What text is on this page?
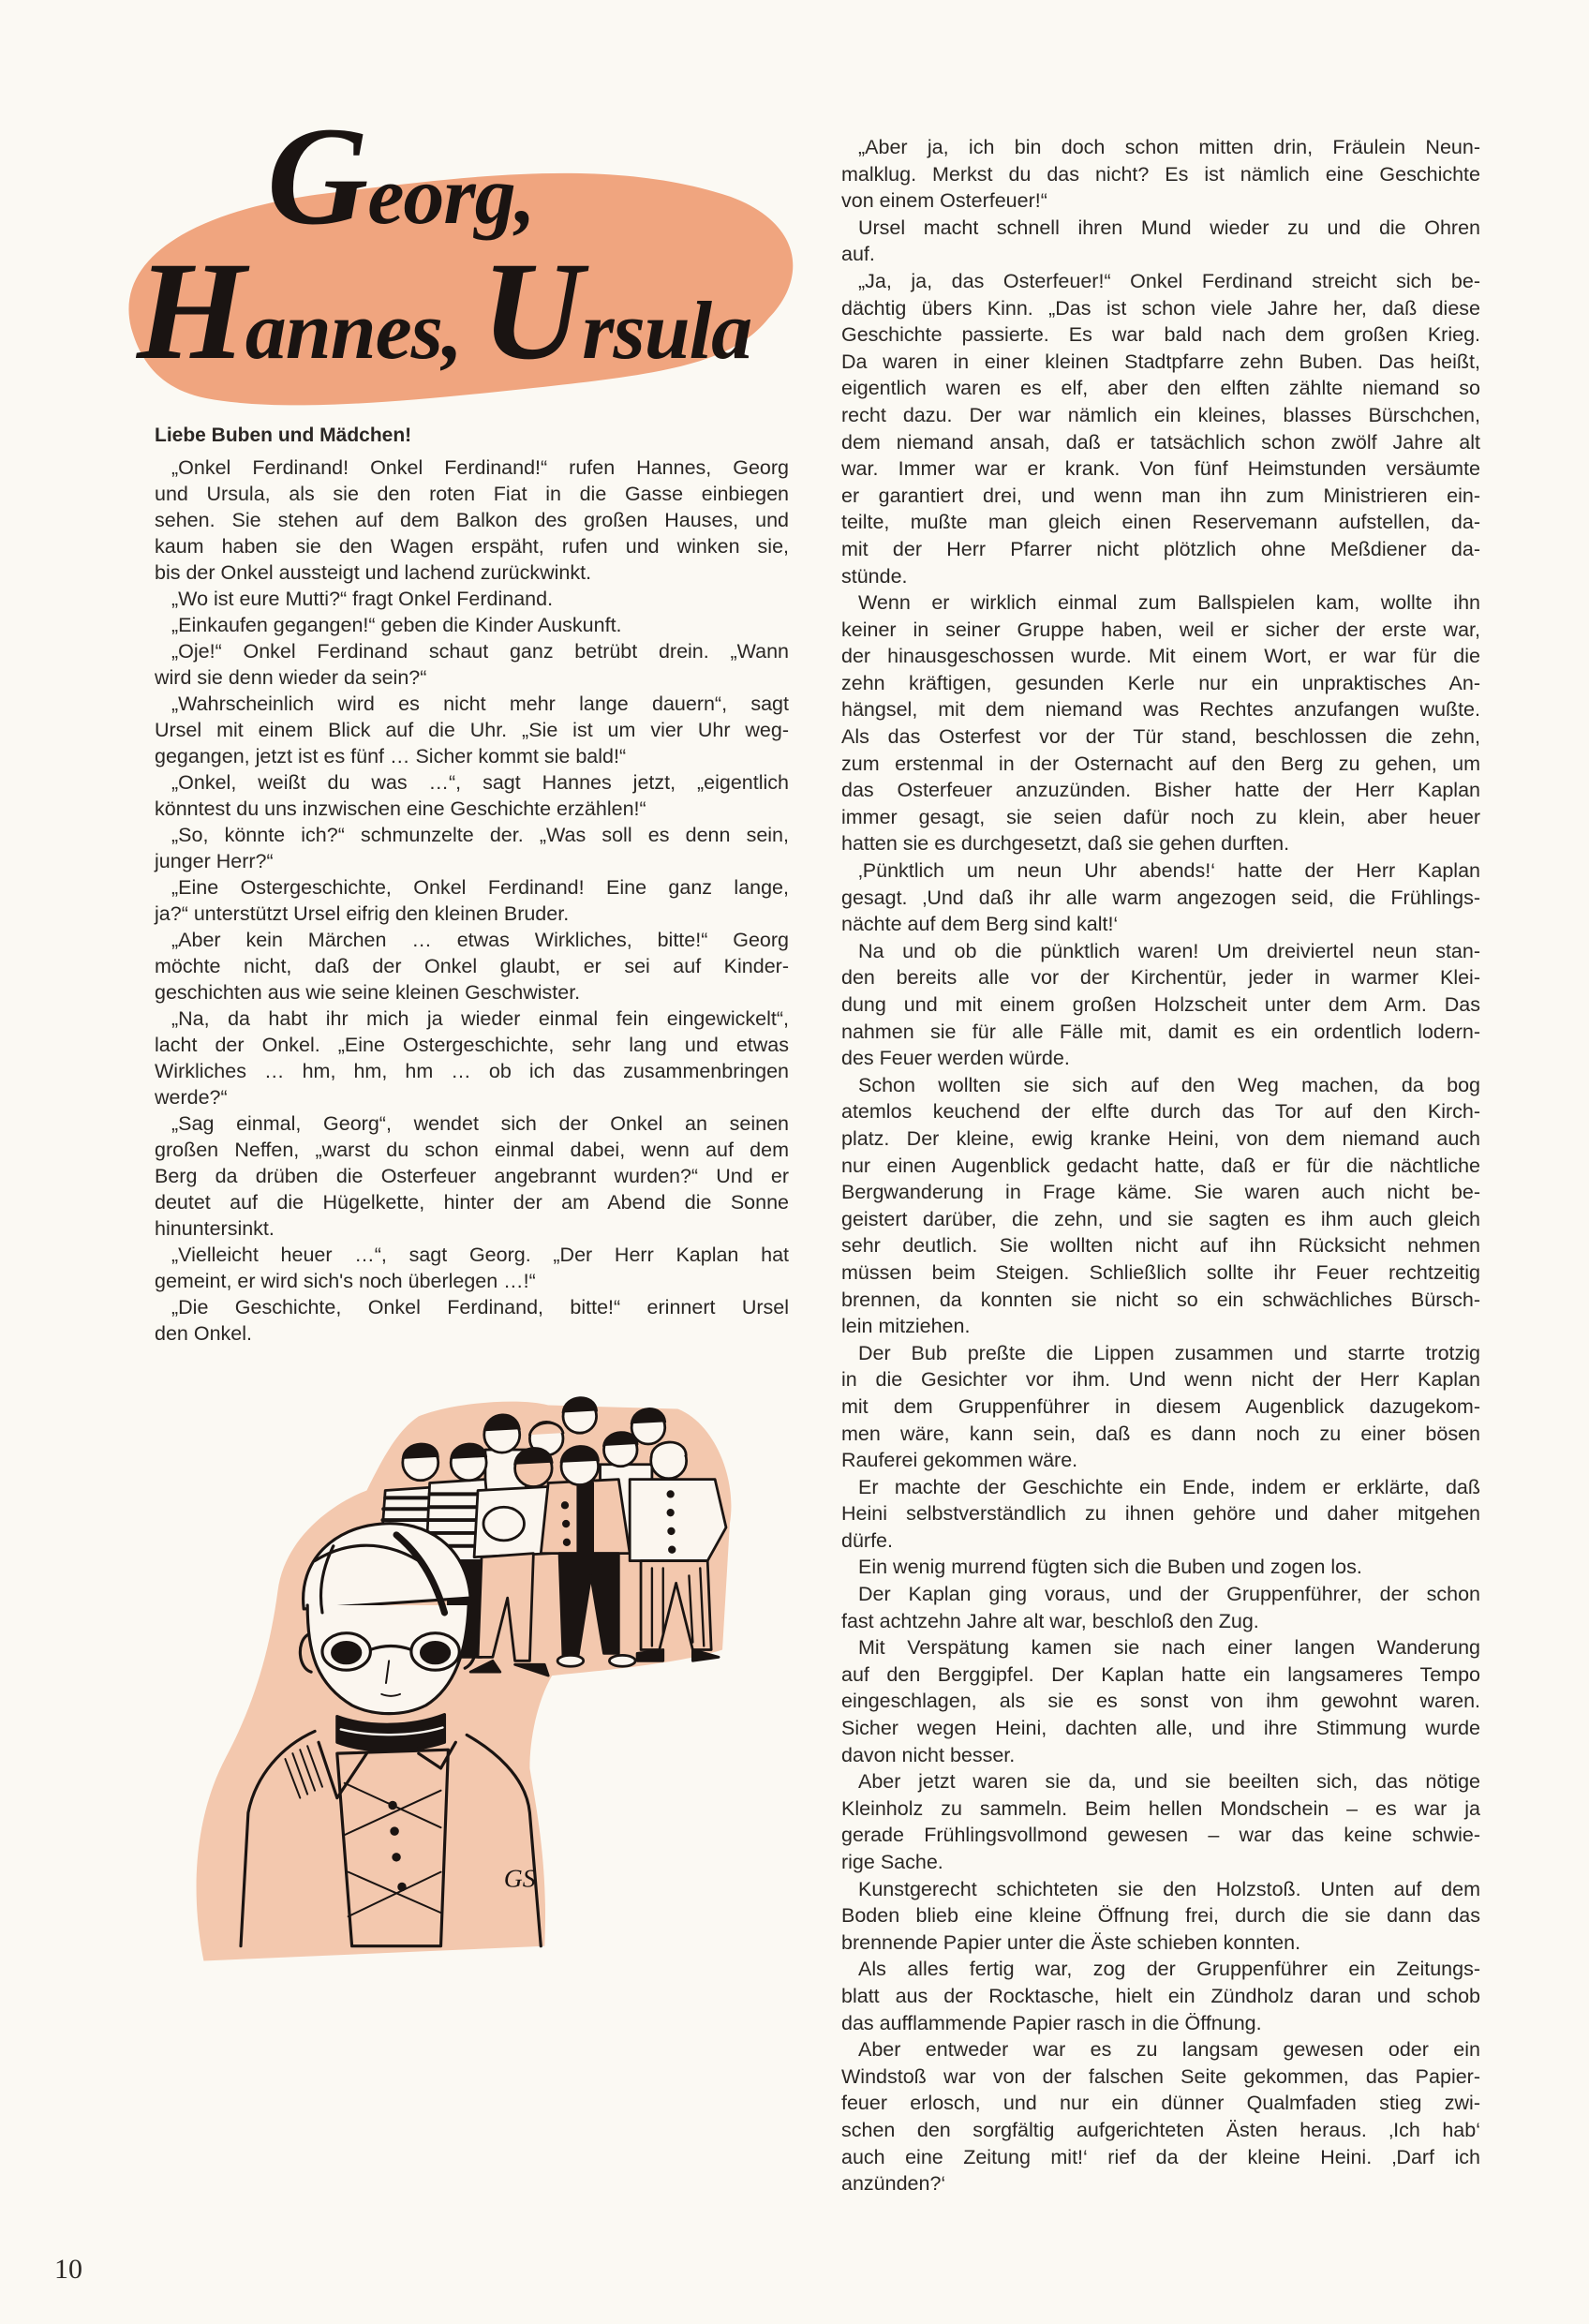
Georg,
Hannes, Ursula
Liebe Buben und Mädchen!
„Onkel Ferdinand! Onkel Ferdinand!“ rufen Hannes, Georg
und Ursula, als sie den roten Fiat in die Gasse einbiegen
sehen. Sie stehen auf dem Balkon des großen Hauses, und
kaum haben sie den Wagen erspäht, rufen und winken sie,
bis der Onkel aussteigt und lachend zurückwinkt.
„Wo ist eure Mutti?“ fragt Onkel Ferdinand.
„Einkaufen gegangen!“ geben die Kinder Auskunft.
„Oje!“ Onkel Ferdinand schaut ganz betrübt drein. „Wann
wird sie denn wieder da sein?“
„Wahrscheinlich wird es nicht mehr lange dauern“, sagt
Ursel mit einem Blick auf die Uhr. „Sie ist um vier Uhr weg-
gegangen, jetzt ist es fünf … Sicher kommt sie bald!“
„Onkel, weißt du was …“, sagt Hannes jetzt, „eigentlich
könntest du uns inzwischen eine Geschichte erzählen!“
„So, könnte ich?“ schmunzelte der. „Was soll es denn sein,
junger Herr?“
„Eine Ostergeschichte, Onkel Ferdinand! Eine ganz lange,
ja?“ unterstützt Ursel eifrig den kleinen Bruder.
„Aber kein Märchen … etwas Wirkliches, bitte!“ Georg
möchte nicht, daß der Onkel glaubt, er sei auf Kinder-
geschichten aus wie seine kleinen Geschwister.
„Na, da habt ihr mich ja wieder einmal fein eingewickelt“,
lacht der Onkel. „Eine Ostergeschichte, sehr lang und etwas
Wirkliches … hm, hm, hm … ob ich das zusammenbringen
werde?“
„Sag einmal, Georg“, wendet sich der Onkel an seinen
großen Neffen, „warst du schon einmal dabei, wenn auf dem
Berg da drüben die Osterfeuer angebrannt wurden?“ Und er
deutet auf die Hügelkette, hinter der am Abend die Sonne
hinuntersinkt.
„Vielleicht heuer …“, sagt Georg. „Der Herr Kaplan hat
gemeint, er wird sich's noch überlegen …!“
„Die Geschichte, Onkel Ferdinand, bitte!“ erinnert Ursel
den Onkel.
„Aber ja, ich bin doch schon mitten drin, Fräulein Neun-
malklug. Merkst du das nicht? Es ist nämlich eine Geschichte
von einem Osterfeuer!“
Ursel macht schnell ihren Mund wieder zu und die Ohren
auf.
„Ja, ja, das Osterfeuer!“ Onkel Ferdinand streicht sich be-
dächtig übers Kinn. „Das ist schon viele Jahre her, daß diese
Geschichte passierte. Es war bald nach dem großen Krieg.
Da waren in einer kleinen Stadtpfarre zehn Buben. Das heißt,
eigentlich waren es elf, aber den elften zählte niemand so
recht dazu. Der war nämlich ein kleines, blasses Bürschchen,
dem niemand ansah, daß er tatsächlich schon zwölf Jahre alt
war. Immer war er krank. Von fünf Heimstunden versäumte
er garantiert drei, und wenn man ihn zum Ministrieren ein-
teilte, mußte man gleich einen Reservemann aufstellen, da-
mit der Herr Pfarrer nicht plötzlich ohne Meßdiener da-
stünde.
Wenn er wirklich einmal zum Ballspielen kam, wollte ihn
keiner in seiner Gruppe haben, weil er sicher der erste war,
der hinausgeschossen wurde. Mit einem Wort, er war für die
zehn kräftigen, gesunden Kerle nur ein unpraktisches An-
hängsel, mit dem niemand was Rechtes anzufangen wußte.
Als das Osterfest vor der Tür stand, beschlossen die zehn,
zum erstenmal in der Osternacht auf den Berg zu gehen, um
das Osterfeuer anzuzünden. Bisher hatte der Herr Kaplan
immer gesagt, sie seien dafür noch zu klein, aber heuer
hatten sie es durchgesetzt, daß sie gehen durften.
‚Pünktlich um neun Uhr abends!‘ hatte der Herr Kaplan
gesagt. ‚Und daß ihr alle warm angezogen seid, die Frühlings-
nächte auf dem Berg sind kalt!‘
Na und ob die pünktlich waren! Um dreiviertel neun stan-
den bereits alle vor der Kirchentür, jeder in warmer Klei-
dung und mit einem großen Holzscheit unter dem Arm. Das
nahmen sie für alle Fälle mit, damit es ein ordentlich lodern-
des Feuer werden würde.
Schon wollten sie sich auf den Weg machen, da bog
atemlos keuchend der elfte durch das Tor auf den Kirch-
platz. Der kleine, ewig kranke Heini, von dem niemand auch
nur einen Augenblick gedacht hatte, daß er für die nächtliche
Bergwanderung in Frage käme. Sie waren auch nicht be-
geistert darüber, die zehn, und sie sagten es ihm auch gleich
sehr deutlich. Sie wollten nicht auf ihn Rücksicht nehmen
müssen beim Steigen. Schließlich sollte ihr Feuer rechtzeitig
brennen, da konnten sie nicht so ein schwächliches Bürsch-
lein mitziehen.
Der Bub preßte die Lippen zusammen und starrte trotzig
in die Gesichter vor ihm. Und wenn nicht der Herr Kaplan
mit dem Gruppenführer in diesem Augenblick dazugekom-
men wäre, kann sein, daß es dann noch zu einer bösen
Rauferei gekommen wäre.
Er machte der Geschichte ein Ende, indem er erklärte, daß
Heini selbstverständlich zu ihnen gehöre und daher mitgehen
dürfe.
Ein wenig murrend fügten sich die Buben und zogen los.
Der Kaplan ging voraus, und der Gruppenführer, der schon
fast achtzehn Jahre alt war, beschloß den Zug.
Mit Verspätung kamen sie nach einer langen Wanderung
auf den Berggipfel. Der Kaplan hatte ein langsameres Tempo
eingeschlagen, als sie es sonst von ihm gewohnt waren.
Sicher wegen Heini, dachten alle, und ihre Stimmung wurde
davon nicht besser.
Aber jetzt waren sie da, und sie beeilten sich, das nötige
Kleinholz zu sammeln. Beim hellen Mondschein – es war ja
gerade Frühlingsvollmond gewesen – war das keine schwie-
rige Sache.
Kunstgerecht schichteten sie den Holzstoß. Unten auf dem
Boden blieb eine kleine Öffnung frei, durch die sie dann das
brennende Papier unter die Äste schieben konnten.
Als alles fertig war, zog der Gruppenführer ein Zeitungs-
blatt aus der Rocktasche, hielt ein Zündholz daran und schob
das aufflammende Papier rasch in die Öffnung.
Aber entweder war es zu langsam gewesen oder ein
Windstoß war von der falschen Seite gekommen, das Papier-
feuer erlosch, und nur ein dünner Qualmfaden stieg zwi-
schen den sorgfältig aufgerichteten Ästen heraus. ‚Ich hab‘
auch eine Zeitung mit!‘ rief da der kleine Heini. ‚Darf ich
anzünden?‘
GS
10
